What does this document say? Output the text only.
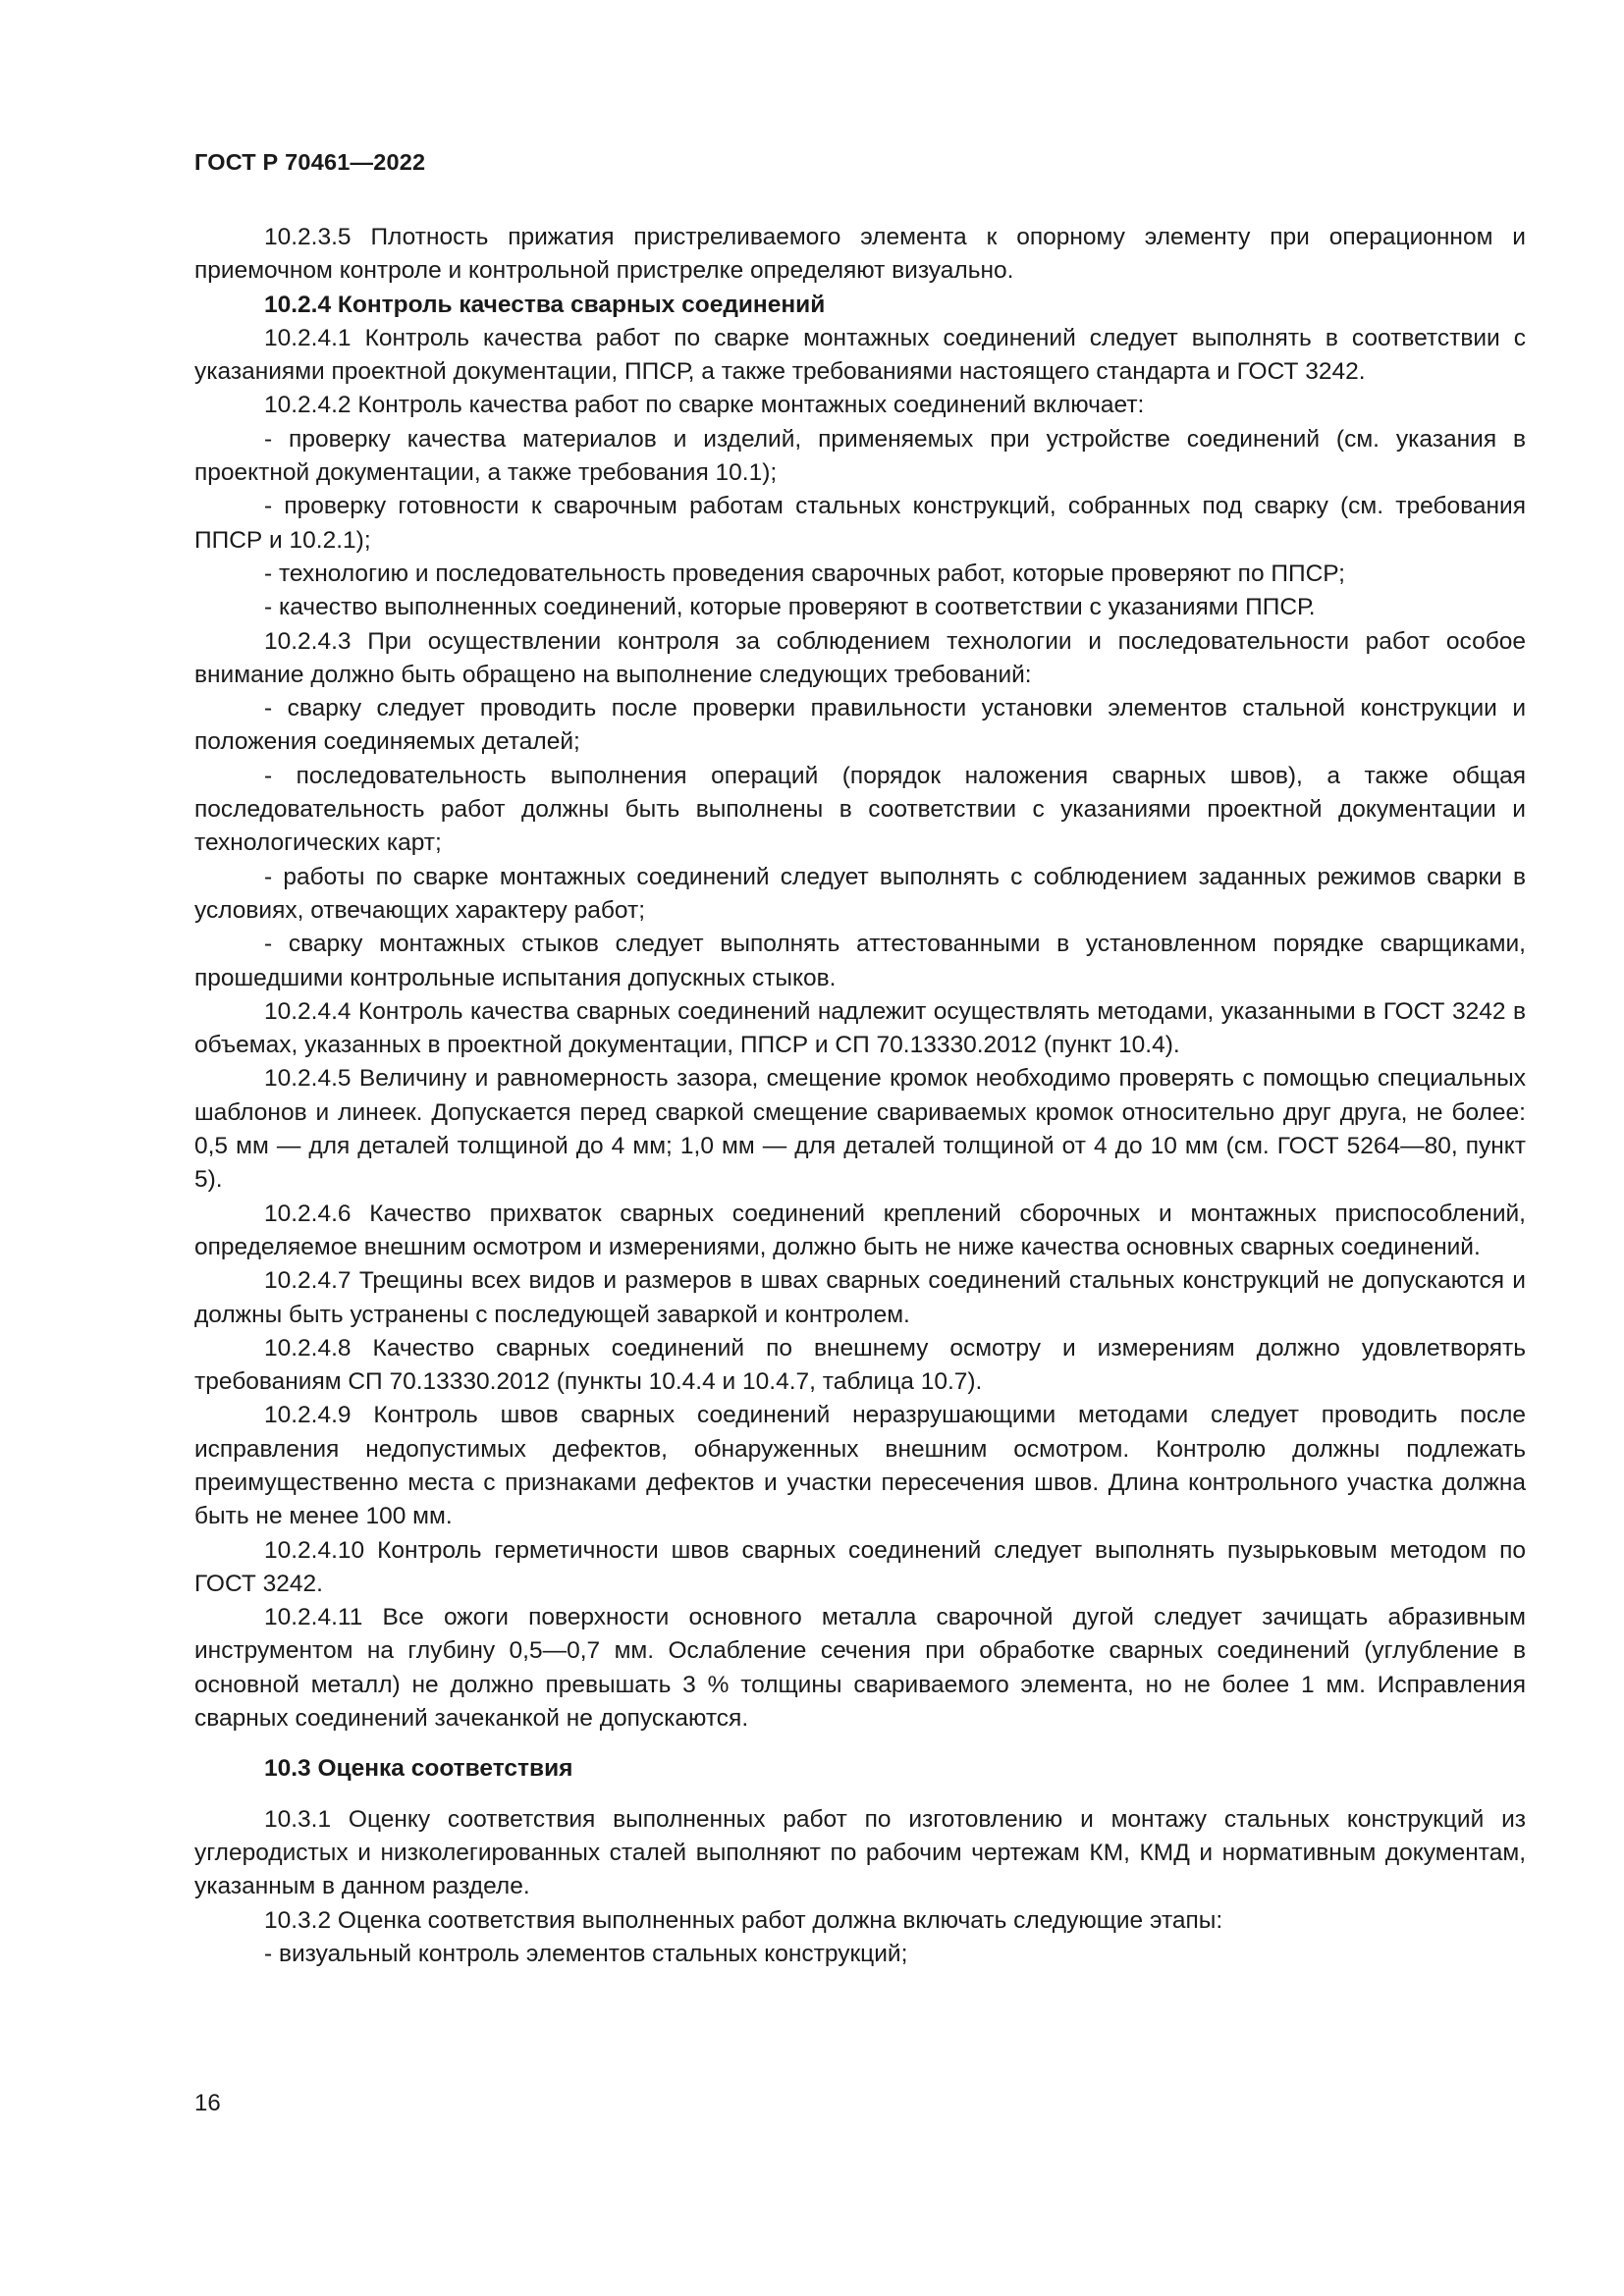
ГОСТ Р 70461—2022

10.2.3.5 Плотность прижатия пристреливаемого элемента к опорному элементу при операционном и приемочном контроле и контрольной пристрелке определяют визуально.

10.2.4 Контроль качества сварных соединений

10.2.4.1 Контроль качества работ по сварке монтажных соединений следует выполнять в соответствии с указаниями проектной документации, ППСР, а также требованиями настоящего стандарта и ГОСТ 3242.

10.2.4.2 Контроль качества работ по сварке монтажных соединений включает:

- проверку качества материалов и изделий, применяемых при устройстве соединений (см. указания в проектной документации, а также требования 10.1);

- проверку готовности к сварочным работам стальных конструкций, собранных под сварку (см. требования ППСР и 10.2.1);

- технологию и последовательность проведения сварочных работ, которые проверяют по ППСР;

- качество выполненных соединений, которые проверяют в соответствии с указаниями ППСР.

10.2.4.3 При осуществлении контроля за соблюдением технологии и последовательности работ особое внимание должно быть обращено на выполнение следующих требований:

- сварку следует проводить после проверки правильности установки элементов стальной конструкции и положения соединяемых деталей;

- последовательность выполнения операций (порядок наложения сварных швов), а также общая последовательность работ должны быть выполнены в соответствии с указаниями проектной документации и технологических карт;

- работы по сварке монтажных соединений следует выполнять с соблюдением заданных режимов сварки в условиях, отвечающих характеру работ;

- сварку монтажных стыков следует выполнять аттестованными в установленном порядке сварщиками, прошедшими контрольные испытания допускных стыков.

10.2.4.4 Контроль качества сварных соединений надлежит осуществлять методами, указанными в ГОСТ 3242 в объемах, указанных в проектной документации, ППСР и СП 70.13330.2012 (пункт 10.4).

10.2.4.5 Величину и равномерность зазора, смещение кромок необходимо проверять с помощью специальных шаблонов и линеек. Допускается перед сваркой смещение свариваемых кромок относительно друг друга, не более: 0,5 мм — для деталей толщиной до 4 мм; 1,0 мм — для деталей толщиной от 4 до 10 мм (см. ГОСТ 5264—80, пункт 5).

10.2.4.6 Качество прихваток сварных соединений креплений сборочных и монтажных приспособлений, определяемое внешним осмотром и измерениями, должно быть не ниже качества основных сварных соединений.

10.2.4.7 Трещины всех видов и размеров в швах сварных соединений стальных конструкций не допускаются и должны быть устранены с последующей заваркой и контролем.

10.2.4.8 Качество сварных соединений по внешнему осмотру и измерениям должно удовлетворять требованиям СП 70.13330.2012 (пункты 10.4.4 и 10.4.7, таблица 10.7).

10.2.4.9 Контроль швов сварных соединений неразрушающими методами следует проводить после исправления недопустимых дефектов, обнаруженных внешним осмотром. Контролю должны подлежать преимущественно места с признаками дефектов и участки пересечения швов. Длина контрольного участка должна быть не менее 100 мм.

10.2.4.10 Контроль герметичности швов сварных соединений следует выполнять пузырьковым методом по ГОСТ 3242.

10.2.4.11 Все ожоги поверхности основного металла сварочной дугой следует зачищать абразивным инструментом на глубину 0,5—0,7 мм. Ослабление сечения при обработке сварных соединений (углубление в основной металл) не должно превышать 3 % толщины свариваемого элемента, но не более 1 мм. Исправления сварных соединений зачеканкой не допускаются.

10.3 Оценка соответствия

10.3.1 Оценку соответствия выполненных работ по изготовлению и монтажу стальных конструкций из углеродистых и низколегированных сталей выполняют по рабочим чертежам КМ, КМД и нормативным документам, указанным в данном разделе.

10.3.2 Оценка соответствия выполненных работ должна включать следующие этапы:

- визуальный контроль элементов стальных конструкций;

16
